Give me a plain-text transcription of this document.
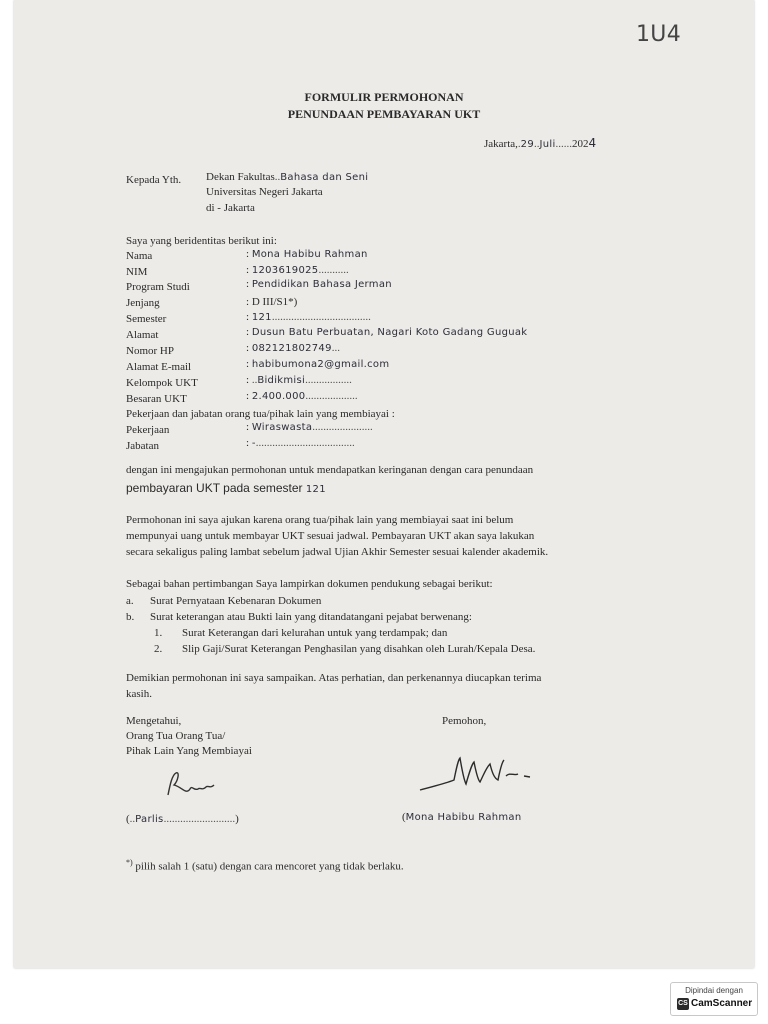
1U4
FORMULIR PERMOHONAN
PENUNDAAN PEMBAYARAN UKT
Jakarta,.29..Juli......2024
Kepada Yth. Dekan Fakultas..Bahasa dan Seni
Universitas Negeri Jakarta
di - Jakarta
Saya yang beridentitas berikut ini:
Nama	: Mona Habibu Rahman
NIM	: 1203619025...........
Program Studi	: Pendidikan Bahasa Jerman
Jenjang	: D III/S1*)
Semester	: 121....................................
Alamat	: Dusun Batu Perbuatan, Nagari Koto Gadang Guguak
Nomor HP	: 082121802749...
Alamat E-mail	: habibumona2@gmail.com
Kelompok UKT	: ..Bidikmisi.................
Besaran UKT	: 2.400.000...................
Pekerjaan dan jabatan orang tua/pihak lain yang membiayai :
Pekerjaan	: Wiraswasta......................
Jabatan	: -....................................
dengan ini mengajukan permohonan untuk mendapatkan keringanan dengan cara penundaan
pembayaran UKT pada semester 121
Permohonan ini saya ajukan karena orang tua/pihak lain yang membiayai saat ini belum
mempunyai uang untuk membayar UKT sesuai jadwal. Pembayaran UKT akan saya lakukan
secara sekaligus paling lambat sebelum jadwal Ujian Akhir Semester sesuai kalender akademik.
Sebagai bahan pertimbangan Saya lampirkan dokumen pendukung sebagai berikut:
a. Surat Pernyataan Kebenaran Dokumen
b. Surat keterangan atau Bukti lain yang ditandatangani pejabat berwenang:
1. Surat Keterangan dari kelurahan untuk yang terdampak; dan
2. Slip Gaji/Surat Keterangan Penghasilan yang disahkan oleh Lurah/Kepala Desa.
Demikian permohonan ini saya sampaikan. Atas perhatian, dan perkenannya diucapkan terima
kasih.
Mengetahui,
Orang Tua Orang Tua/
Pihak Lain Yang Membiayai
Pemohon,
(..Parlis..........................)	(Mona Habibu Rahman
*) pilih salah 1 (satu) dengan cara mencoret yang tidak berlaku.
Dipindai dengan
CS CamScanner
